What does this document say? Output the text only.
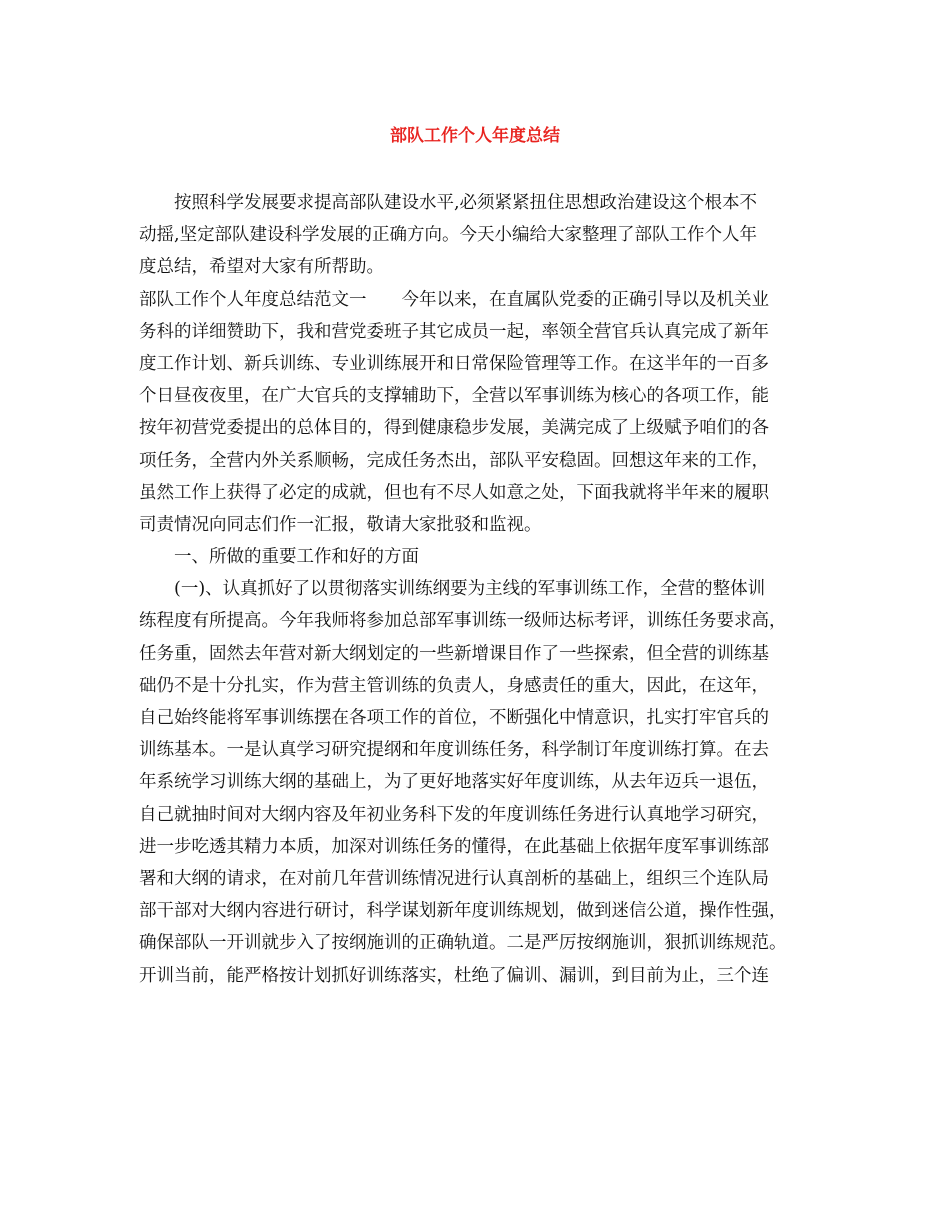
部队工作个人年度总结
　　按照科学发展要求提高部队建设水平,必须紧紧扭住思想政治建设这个根本不
动摇,坚定部队建设科学发展的正确方向。今天小编给大家整理了部队工作个人年
度总结，希望对大家有所帮助。
部队工作个人年度总结范文一　　今年以来，在直属队党委的正确引导以及机关业
务科的详细赞助下，我和营党委班子其它成员一起，率领全营官兵认真完成了新年
度工作计划、新兵训练、专业训练展开和日常保险管理等工作。在这半年的一百多
个日昼夜夜里，在广大官兵的支撑辅助下，全营以军事训练为核心的各项工作，能
按年初营党委提出的总体目的，得到健康稳步发展，美满完成了上级赋予咱们的各
项任务，全营内外关系顺畅，完成任务杰出，部队平安稳固。回想这年来的工作，
虽然工作上获得了必定的成就，但也有不尽人如意之处，下面我就将半年来的履职
司责情况向同志们作一汇报，敬请大家批驳和监视。
　　一、所做的重要工作和好的方面
　　(一)、认真抓好了以贯彻落实训练纲要为主线的军事训练工作，全营的整体训
练程度有所提高。今年我师将参加总部军事训练一级师达标考评，训练任务要求高，
任务重，固然去年营对新大纲划定的一些新增课目作了一些探索，但全营的训练基
础仍不是十分扎实，作为营主管训练的负责人，身感责任的重大，因此，在这年，
自己始终能将军事训练摆在各项工作的首位，不断强化中情意识，扎实打牢官兵的
训练基本。一是认真学习研究提纲和年度训练任务，科学制订年度训练打算。在去
年系统学习训练大纲的基础上，为了更好地落实好年度训练，从去年迈兵一退伍，
自己就抽时间对大纲内容及年初业务科下发的年度训练任务进行认真地学习研究，
进一步吃透其精力本质，加深对训练任务的懂得，在此基础上依据年度军事训练部
署和大纲的请求，在对前几年营训练情况进行认真剖析的基础上，组织三个连队局
部干部对大纲内容进行研讨，科学谋划新年度训练规划，做到迷信公道，操作性强，
确保部队一开训就步入了按纲施训的正确轨道。二是严厉按纲施训，狠抓训练规范。
开训当前，能严格按计划抓好训练落实，杜绝了偏训、漏训，到目前为止，三个连
